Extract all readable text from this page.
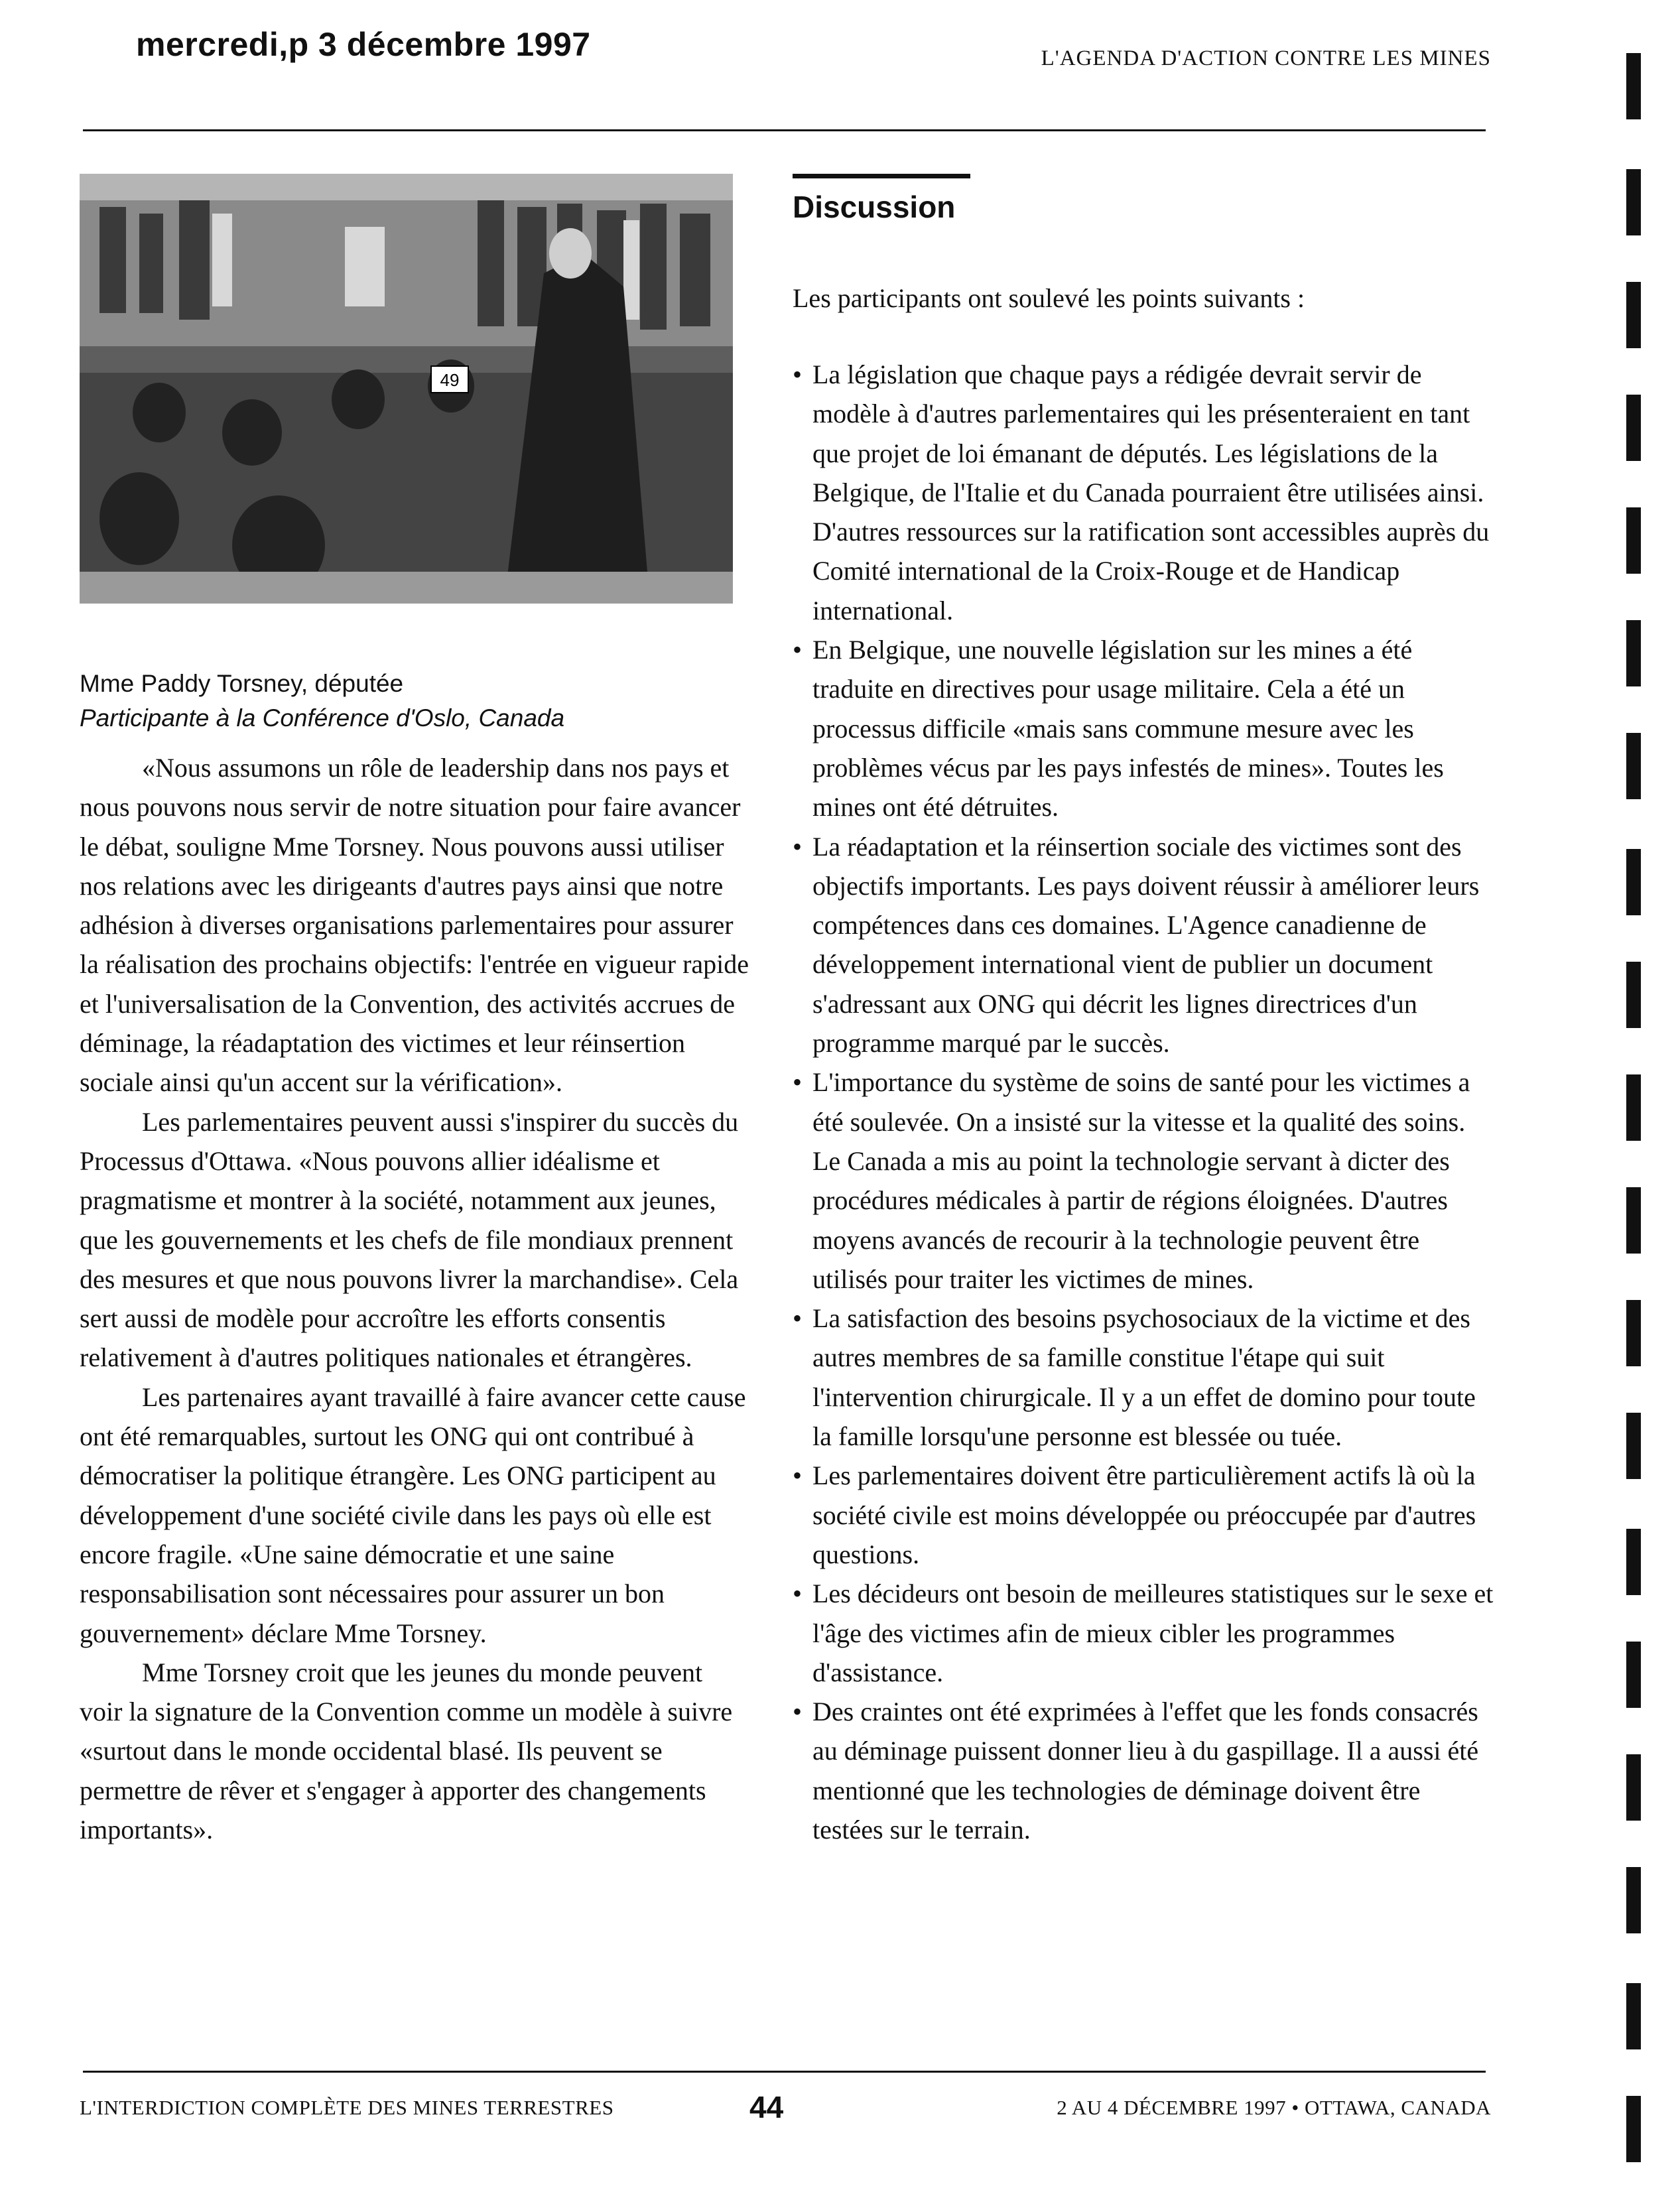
mercredi,p 3 décembre 1997	L'AGENDA D'ACTION CONTRE LES MINES
49
Mme Paddy Torsney, députée
Participante à la Conférence d'Oslo, Canada

«Nous assumons un rôle de leadership dans nos pays et nous pouvons nous servir de notre situation pour faire avancer le débat, souligne Mme Torsney. Nous pouvons aussi utiliser nos relations avec les dirigeants d'autres pays ainsi que notre adhésion à diverses organisations parlementaires pour assurer la réalisation des prochains objectifs: l'entrée en vigueur rapide et l'universalisation de la Convention, des activités accrues de déminage, la réadaptation des victimes et leur réinsertion sociale ainsi qu'un accent sur la vérification».

Les parlementaires peuvent aussi s'inspirer du succès du Processus d'Ottawa. «Nous pouvons allier idéalisme et pragmatisme et montrer à la société, notamment aux jeunes, que les gouvernements et les chefs de file mondiaux prennent des mesures et que nous pouvons livrer la marchandise». Cela sert aussi de modèle pour accroître les efforts consentis relativement à d'autres politiques nationales et étrangères.

Les partenaires ayant travaillé à faire avancer cette cause ont été remarquables, surtout les ONG qui ont contribué à démocratiser la politique étrangère. Les ONG participent au développement d'une société civile dans les pays où elle est encore fragile. «Une saine démocratie et une saine responsabilisation sont nécessaires pour assurer un bon gouvernement» déclare Mme Torsney.

Mme Torsney croit que les jeunes du monde peuvent voir la signature de la Convention comme un modèle à suivre «surtout dans le monde occidental blasé. Ils peuvent se permettre de rêver et s'engager à apporter des changements importants».

Discussion
Les participants ont soulevé les points suivants :
• La législation que chaque pays a rédigée devrait servir de modèle à d'autres parlementaires qui les présenteraient en tant que projet de loi émanant de députés. Les législations de la Belgique, de l'Italie et du Canada pourraient être utilisées ainsi. D'autres ressources sur la ratification sont accessibles auprès du Comité international de la Croix-Rouge et de Handicap international.
• En Belgique, une nouvelle législation sur les mines a été traduite en directives pour usage militaire. Cela a été un processus difficile «mais sans commune mesure avec les problèmes vécus par les pays infestés de mines». Toutes les mines ont été détruites.
• La réadaptation et la réinsertion sociale des victimes sont des objectifs importants. Les pays doivent réussir à améliorer leurs compétences dans ces domaines. L'Agence canadienne de développement international vient de publier un document s'adressant aux ONG qui décrit les lignes directrices d'un programme marqué par le succès.
• L'importance du système de soins de santé pour les victimes a été soulevée. On a insisté sur la vitesse et la qualité des soins. Le Canada a mis au point la technologie servant à dicter des procédures médicales à partir de régions éloignées. D'autres moyens avancés de recourir à la technologie peuvent être utilisés pour traiter les victimes de mines.
• La satisfaction des besoins psychosociaux de la victime et des autres membres de sa famille constitue l'étape qui suit l'intervention chirurgicale. Il y a un effet de domino pour toute la famille lorsqu'une personne est blessée ou tuée.
• Les parlementaires doivent être particulièrement actifs là où la société civile est moins développée ou préoccupée par d'autres questions.
• Les décideurs ont besoin de meilleures statistiques sur le sexe et l'âge des victimes afin de mieux cibler les programmes d'assistance.
• Des craintes ont été exprimées à l'effet que les fonds consacrés au déminage puissent donner lieu à du gaspillage. Il a aussi été mentionné que les technologies de déminage doivent être testées sur le terrain.
L'INTERDICTION COMPLÈTE DES MINES TERRESTRES	44	2 AU 4 DÉCEMBRE 1997 • OTTAWA, CANADA
